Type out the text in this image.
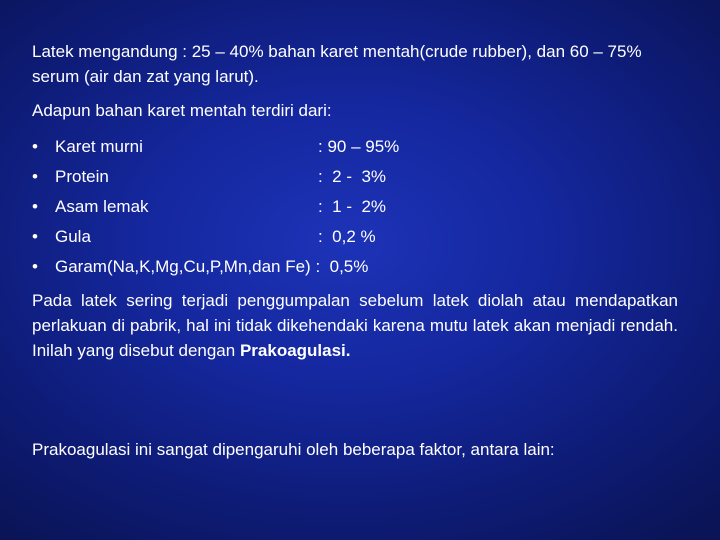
Latek mengandung : 25 – 40% bahan karet mentah(crude rubber), dan 60 – 75% serum (air dan zat yang larut).

Adapun bahan karet mentah terdiri dari:

• Karet murni	: 90 – 95%
• Protein	:  2 -  3%
• Asam lemak	:  1 -  2%
• Gula	:  0,2 %
• Garam(Na,K,Mg,Cu,P,Mn,dan Fe) :  0,5%

Pada latek sering terjadi penggumpalan sebelum latek diolah atau mendapatkan perlakuan di pabrik, hal ini tidak dikehendaki karena mutu latek akan menjadi rendah. Inilah yang disebut dengan Prakoagulasi.

Prakoagulasi ini sangat dipengaruhi oleh beberapa faktor, antara lain:
